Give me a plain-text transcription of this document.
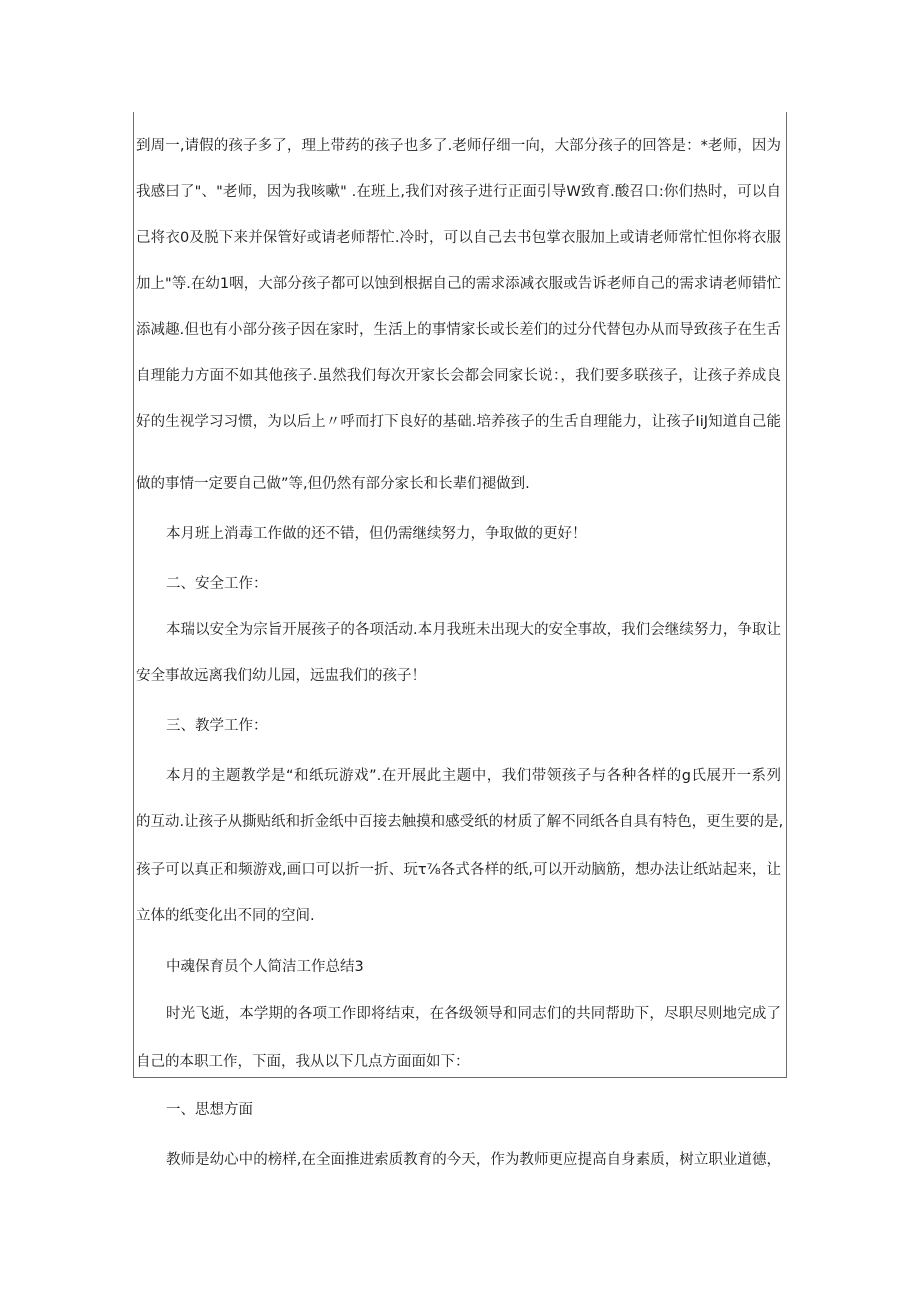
到周一,请假的孩子多了，理上带药的孩子也多了.老师仔细一向，大部分孩子的回答是：*老师，因为
我感曰了"、"老师，因为我咳嗽" .在班上,我们对孩子进行正面引导W致育.酸召口:你们热时，可以自
己将衣0及脱下来并保管好或请老师帮忙.冷时，可以自己去书包掌衣服加上或请老师常忙怛你将衣服
加上"等.在幼1咽，大部分孩子都可以蚀到根据自己的需求添减衣服或告诉老师自己的需求请老师错忙
添减趣.但也有小部分孩子因在家时，生活上的事情家长或长差们的过分代替包办从而导致孩子在生舌
自理能力方面不如其他孩子.虽然我们每次开家长会都会同家长说：，我们要多联孩子，让孩子养成良
好的生视学习习惯，为以后上〃呼而打下良好的基础.培养孩子的生舌自理能力，让孩子IiJ知道自己能
做的事情一定要自己做”等,但仍然有部分家长和长辈们褪做到.
本月班上消毒工作做的还不错，但仍需继续努力，争取做的更好！
二、安全工作：
本瑞以安全为宗旨开展孩子的各项活动.本月我班未出现大的安全事故，我们会继续努力，争取让
安全事故远离我们幼儿园，远盅我们的孩子！
三、教学工作：
本月的主题教学是“和纸玩游戏”.在开展此主题中，我们带领孩子与各种各样的g氏展开一系列
的互动.让孩子从撕贴纸和折金纸中百接去触摸和感受纸的材质了解不同纸各自具有特色，更生要的是,
孩子可以真正和频游戏,画口可以折一折、玩τ⅞各式各样的纸,可以开动脑筋，想办法让纸站起来，让
立体的纸变化出不同的空间.
中魂保育员个人简洁工作总结3
时光飞逝，本学期的各项工作即将结束，在各级领导和同志们的共同帮助下，尽职尽则地完成了
自己的本职工作，下面，我从以下几点方面面如下：
一、思想方面
教师是幼心中的榜样,在全面推进索质教育的今天，作为教师更应提高自身素质，树立职业道德，
